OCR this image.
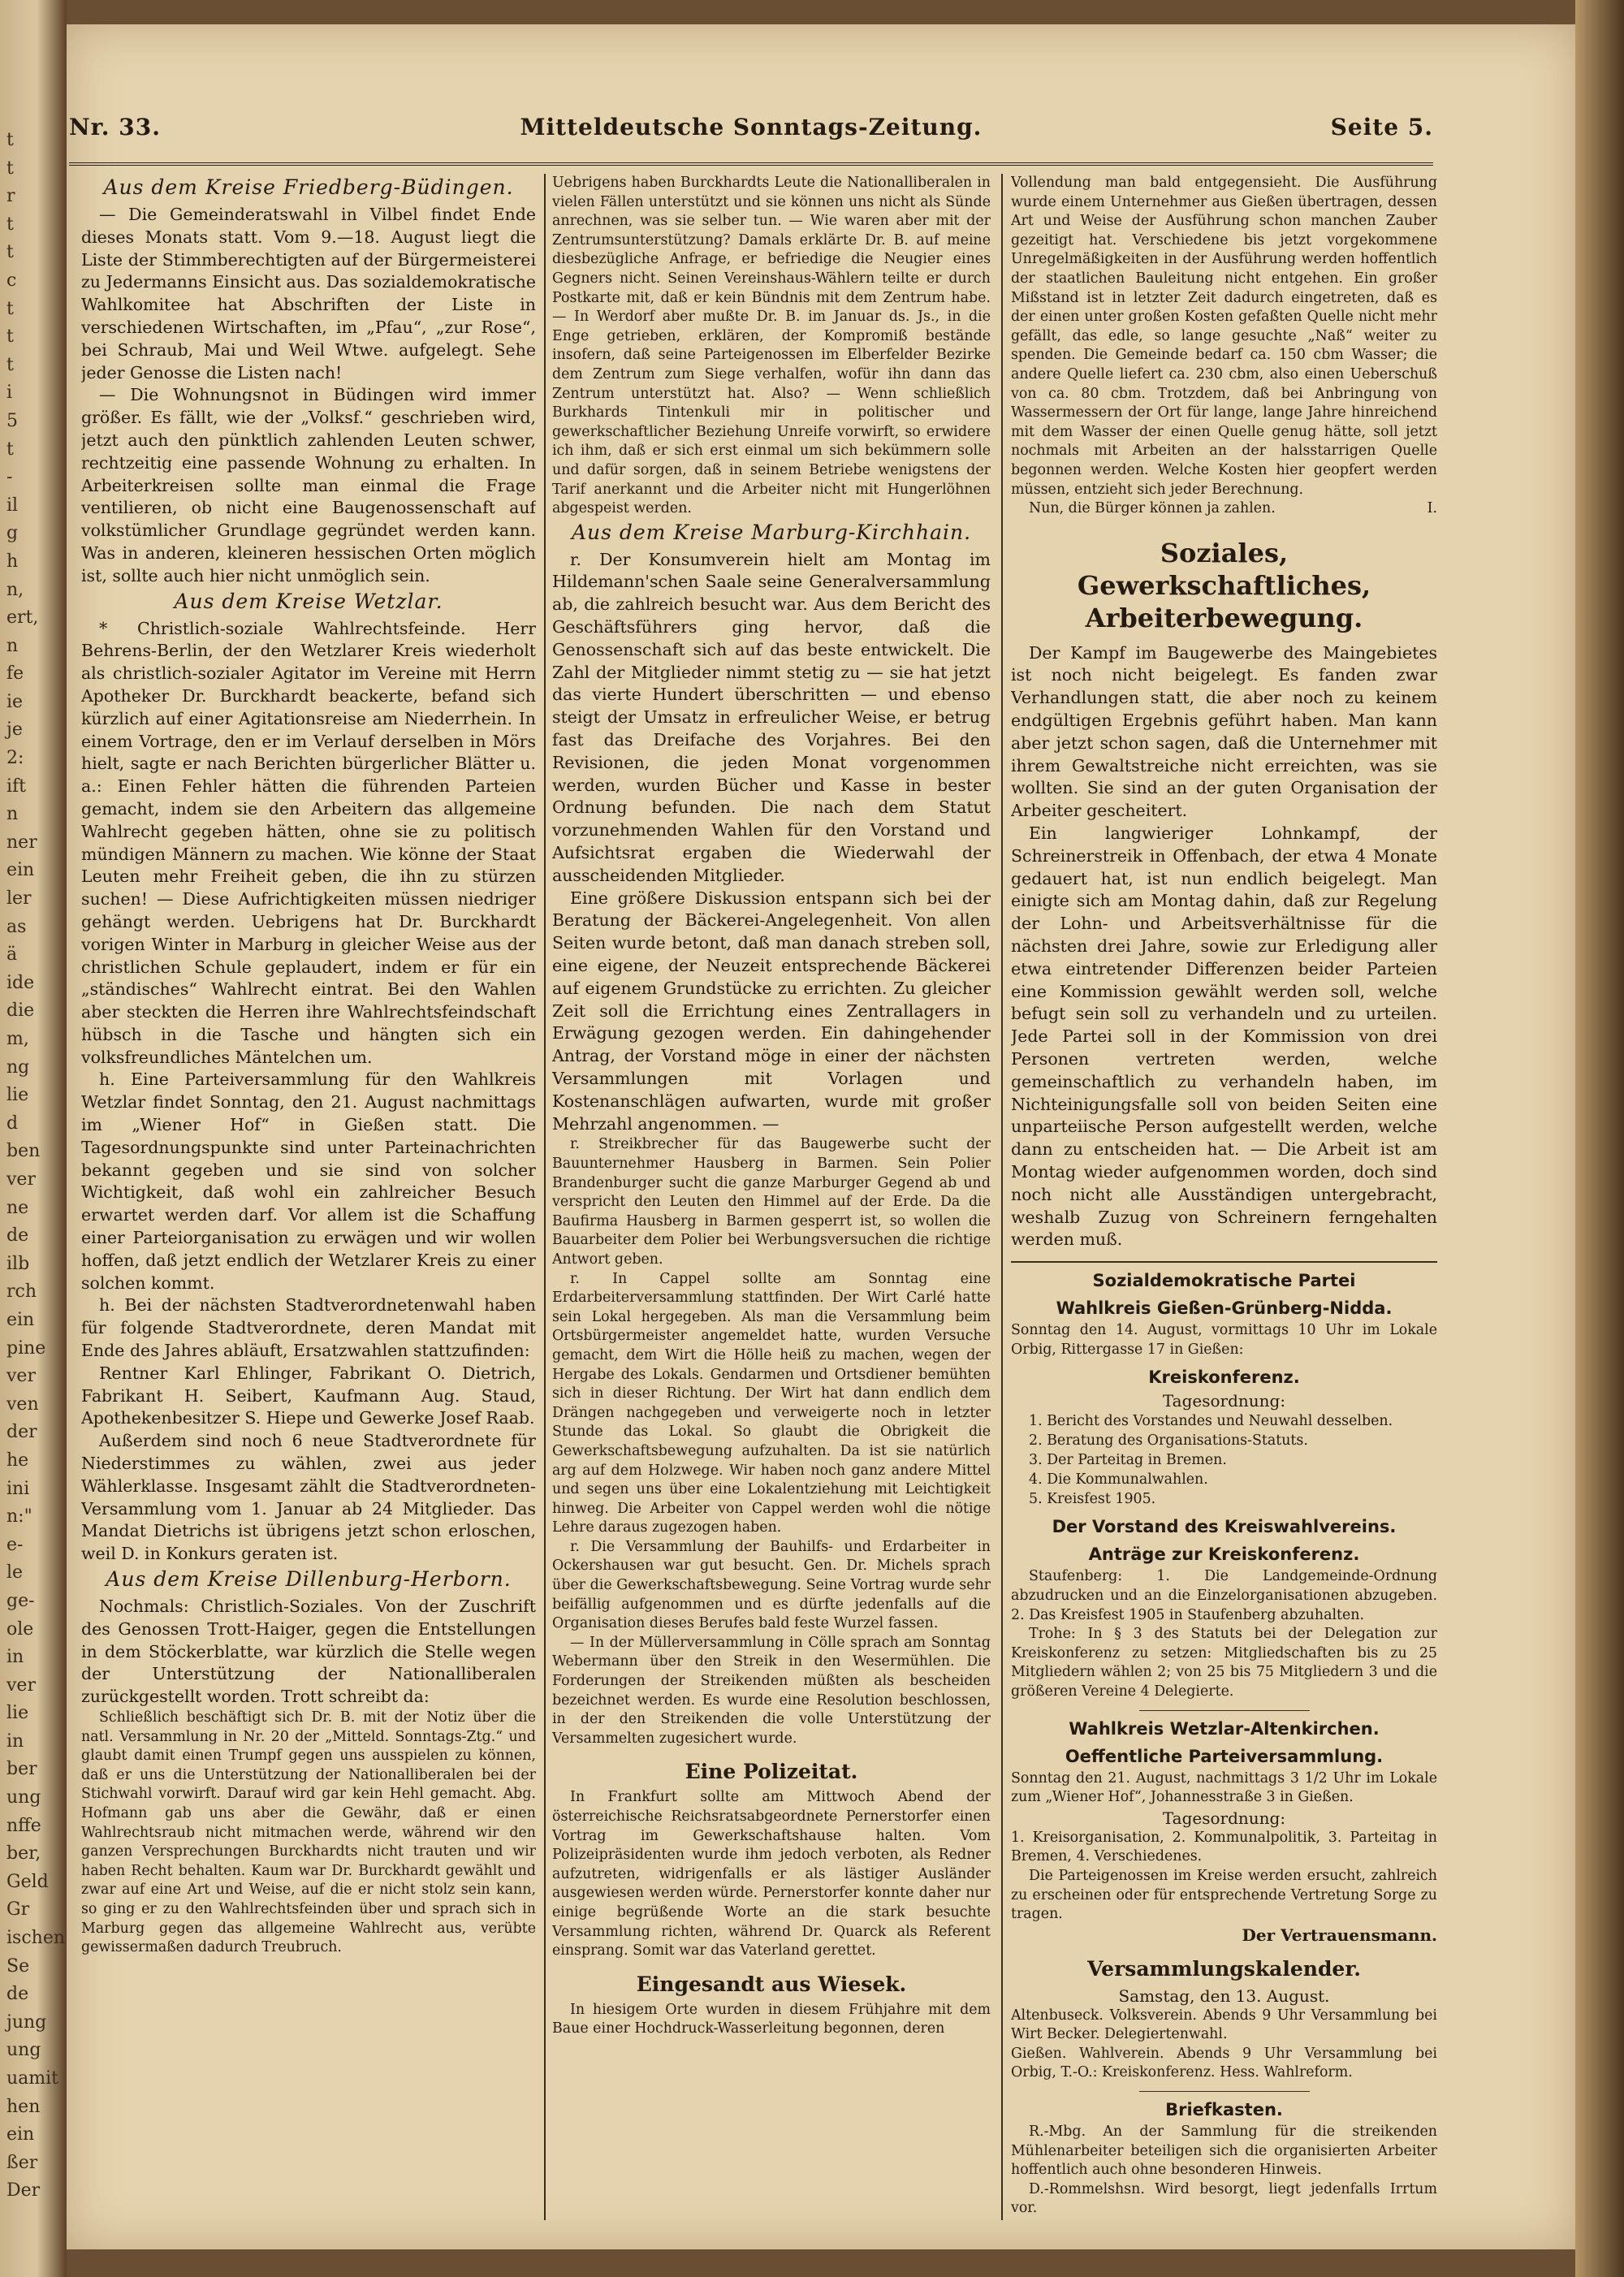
t
t
r
t
t
c
t
t
t
i
5
t
-
il
g
h
n,
ert,
n
fe
ie
je
2:
ift
n
ner
ein
ler
as
ä
ide
die
m,
ng
lie
d
ben
ver
ne
de
ilb
rch
ein
pine
ver
ven
der
he
ini
n:"
e-
le
ge-
ole
in
ver
lie
in
ber
ung
nffe
ber,
Geld
Gr
ischen
Se
de
jung
ung
uamit
hen
ein
ßer
Der
Nr. 33.	Mitteldeutsche Sonntags-Zeitung.	Seite 5.
Aus dem Kreise Friedberg-Büdingen.

— Die Gemeinderatswahl in Vilbel findet Ende dieses Monats statt. Vom 9.—18. August liegt die Liste der Stimmberechtigten auf der Bürgermeisterei zu Jedermanns Einsicht aus. Das sozialdemokratische Wahlkomitee hat Abschriften der Liste in verschiedenen Wirtschaften, im „Pfau“, „zur Rose“, bei Schraub, Mai und Weil Wtwe. aufgelegt. Sehe jeder Genosse die Listen nach!

— Die Wohnungsnot in Büdingen wird immer größer. Es fällt, wie der „Volksf.“ geschrieben wird, jetzt auch den pünktlich zahlenden Leuten schwer, rechtzeitig eine passende Wohnung zu erhalten. In Arbeiterkreisen sollte man einmal die Frage ventilieren, ob nicht eine Baugenossenschaft auf volkstümlicher Grundlage gegründet werden kann. Was in anderen, kleineren hessischen Orten möglich ist, sollte auch hier nicht unmöglich sein.

Aus dem Kreise Wetzlar.

* Christlich-soziale Wahlrechtsfeinde. Herr Behrens-Berlin, der den Wetzlarer Kreis wiederholt als christlich-sozialer Agitator im Vereine mit Herrn Apotheker Dr. Burckhardt beackerte, befand sich kürzlich auf einer Agitationsreise am Niederrhein. In einem Vortrage, den er im Verlauf derselben in Mörs hielt, sagte er nach Berichten bürgerlicher Blätter u. a.: Einen Fehler hätten die führenden Parteien gemacht, indem sie den Arbeitern das allgemeine Wahlrecht gegeben hätten, ohne sie zu politisch mündigen Männern zu machen. Wie könne der Staat Leuten mehr Freiheit geben, die ihn zu stürzen suchen! — Diese Aufrichtigkeiten müssen niedriger gehängt werden. Uebrigens hat Dr. Burckhardt vorigen Winter in Marburg in gleicher Weise aus der christlichen Schule geplaudert, indem er für ein „ständisches“ Wahlrecht eintrat. Bei den Wahlen aber steckten die Herren ihre Wahlrechtsfeindschaft hübsch in die Tasche und hängten sich ein volksfreundliches Mäntelchen um.

h. Eine Parteiversammlung für den Wahlkreis Wetzlar findet Sonntag, den 21. August nachmittags im „Wiener Hof“ in Gießen statt. Die Tagesordnungspunkte sind unter Parteinachrichten bekannt gegeben und sie sind von solcher Wichtigkeit, daß wohl ein zahlreicher Besuch erwartet werden darf. Vor allem ist die Schaffung einer Parteiorganisation zu erwägen und wir wollen hoffen, daß jetzt endlich der Wetzlarer Kreis zu einer solchen kommt.

h. Bei der nächsten Stadtverordnetenwahl haben für folgende Stadtverordnete, deren Mandat mit Ende des Jahres abläuft, Ersatzwahlen stattzufinden:

Rentner Karl Ehlinger, Fabrikant O. Dietrich, Fabrikant H. Seibert, Kaufmann Aug. Staud, Apothekenbesitzer S. Hiepe und Gewerke Josef Raab.

Außerdem sind noch 6 neue Stadtverordnete für Niederstimmes zu wählen, zwei aus jeder Wählerklasse. Insgesamt zählt die Stadtverordneten-Versammlung vom 1. Januar ab 24 Mitglieder. Das Mandat Dietrichs ist übrigens jetzt schon erloschen, weil D. in Konkurs geraten ist.

Aus dem Kreise Dillenburg-Herborn.

Nochmals: Christlich-Soziales. Von der Zuschrift des Genossen Trott-Haiger, gegen die Entstellungen in dem Stöckerblatte, war kürzlich die Stelle wegen der Unterstützung der Nationalliberalen zurückgestellt worden. Trott schreibt da:

Schließlich beschäftigt sich Dr. B. mit der Notiz über die natl. Versammlung in Nr. 20 der „Mitteld. Sonntags-Ztg.“ und glaubt damit einen Trumpf gegen uns ausspielen zu können, daß er uns die Unterstützung der Nationalliberalen bei der Stichwahl vorwirft. Darauf wird gar kein Hehl gemacht. Abg. Hofmann gab uns aber die Gewähr, daß er einen Wahlrechtsraub nicht mitmachen werde, während wir den ganzen Versprechungen Burckhardts nicht trauten und wir haben Recht behalten. Kaum war Dr. Burckhardt gewählt und zwar auf eine Art und Weise, auf die er nicht stolz sein kann, so ging er zu den Wahlrechtsfeinden über und sprach sich in Marburg gegen das allgemeine Wahlrecht aus, verübte gewissermaßen dadurch Treubruch.

Uebrigens haben Burckhardts Leute die Nationalliberalen in vielen Fällen unterstützt und sie können uns nicht als Sünde anrechnen, was sie selber tun. — Wie waren aber mit der Zentrumsunterstützung? Damals erklärte Dr. B. auf meine diesbezügliche Anfrage, er befriedige die Neugier eines Gegners nicht. Seinen Vereinshaus-Wählern teilte er durch Postkarte mit, daß er kein Bündnis mit dem Zentrum habe. — In Werdorf aber mußte Dr. B. im Januar ds. Js., in die Enge getrieben, erklären, der Kompromiß bestände insofern, daß seine Parteigenossen im Elberfelder Bezirke dem Zentrum zum Siege verhalfen, wofür ihn dann das Zentrum unterstützt hat. Also? — Wenn schließlich Burkhards Tintenkuli mir in politischer und gewerkschaftlicher Beziehung Unreife vorwirft, so erwidere ich ihm, daß er sich erst einmal um sich bekümmern solle und dafür sorgen, daß in seinem Betriebe wenigstens der Tarif anerkannt und die Arbeiter nicht mit Hungerlöhnen abgespeist werden.

Aus dem Kreise Marburg-Kirchhain.

r. Der Konsumverein hielt am Montag im Hildemann'schen Saale seine Generalversammlung ab, die zahlreich besucht war. Aus dem Bericht des Geschäftsführers ging hervor, daß die Genossenschaft sich auf das beste entwickelt. Die Zahl der Mitglieder nimmt stetig zu — sie hat jetzt das vierte Hundert überschritten — und ebenso steigt der Umsatz in erfreulicher Weise, er betrug fast das Dreifache des Vorjahres. Bei den Revisionen, die jeden Monat vorgenommen werden, wurden Bücher und Kasse in bester Ordnung befunden. Die nach dem Statut vorzunehmenden Wahlen für den Vorstand und Aufsichtsrat ergaben die Wiederwahl der ausscheidenden Mitglieder.

Eine größere Diskussion entspann sich bei der Beratung der Bäckerei-Angelegenheit. Von allen Seiten wurde betont, daß man danach streben soll, eine eigene, der Neuzeit entsprechende Bäckerei auf eigenem Grundstücke zu errichten. Zu gleicher Zeit soll die Errichtung eines Zentrallagers in Erwägung gezogen werden. Ein dahingehender Antrag, der Vorstand möge in einer der nächsten Versammlungen mit Vorlagen und Kostenanschlägen aufwarten, wurde mit großer Mehrzahl angenommen. —

r. Streikbrecher für das Baugewerbe sucht der Bauunternehmer Hausberg in Barmen. Sein Polier Brandenburger sucht die ganze Marburger Gegend ab und verspricht den Leuten den Himmel auf der Erde. Da die Baufirma Hausberg in Barmen gesperrt ist, so wollen die Bauarbeiter dem Polier bei Werbungsversuchen die richtige Antwort geben.

r. In Cappel sollte am Sonntag eine Erdarbeiterversammlung stattfinden. Der Wirt Carlé hatte sein Lokal hergegeben. Als man die Versammlung beim Ortsbürgermeister angemeldet hatte, wurden Versuche gemacht, dem Wirt die Hölle heiß zu machen, wegen der Hergabe des Lokals. Gendarmen und Ortsdiener bemühten sich in dieser Richtung. Der Wirt hat dann endlich dem Drängen nachgegeben und verweigerte noch in letzter Stunde das Lokal. So glaubt die Obrigkeit die Gewerkschaftsbewegung aufzuhalten. Da ist sie natürlich arg auf dem Holzwege. Wir haben noch ganz andere Mittel und segen uns über eine Lokalentziehung mit Leichtigkeit hinweg. Die Arbeiter von Cappel werden wohl die nötige Lehre daraus zugezogen haben.

r. Die Versammlung der Bauhilfs- und Erdarbeiter in Ockershausen war gut besucht. Gen. Dr. Michels sprach über die Gewerkschaftsbewegung. Seine Vortrag wurde sehr beifällig aufgenommen und es dürfte jedenfalls auf die Organisation dieses Berufes bald feste Wurzel fassen.

— In der Müllerversammlung in Cölle sprach am Sonntag Webermann über den Streik in den Wesermühlen. Die Forderungen der Streikenden müßten als bescheiden bezeichnet werden. Es wurde eine Resolution beschlossen, in der den Streikenden die volle Unterstützung der Versammelten zugesichert wurde.

Eine Polizeitat.

In Frankfurt sollte am Mittwoch Abend der österreichische Reichsratsabgeordnete Pernerstorfer einen Vortrag im Gewerkschaftshause halten. Vom Polizeipräsidenten wurde ihm jedoch verboten, als Redner aufzutreten, widrigenfalls er als lästiger Ausländer ausgewiesen werden würde. Pernerstorfer konnte daher nur einige begrüßende Worte an die stark besuchte Versammlung richten, während Dr. Quarck als Referent einsprang. Somit war das Vaterland gerettet.

Eingesandt aus Wiesek.

In hiesigem Orte wurden in diesem Frühjahre mit dem Baue einer Hochdruck-Wasserleitung begonnen, deren

Vollendung man bald entgegensieht. Die Ausführung wurde einem Unternehmer aus Gießen übertragen, dessen Art und Weise der Ausführung schon manchen Zauber gezeitigt hat. Verschiedene bis jetzt vorgekommene Unregelmäßigkeiten in der Ausführung werden hoffentlich der staatlichen Bauleitung nicht entgehen. Ein großer Mißstand ist in letzter Zeit dadurch eingetreten, daß es der einen unter großen Kosten gefaßten Quelle nicht mehr gefällt, das edle, so lange gesuchte „Naß“ weiter zu spenden. Die Gemeinde bedarf ca. 150 cbm Wasser; die andere Quelle liefert ca. 230 cbm, also einen Ueberschuß von ca. 80 cbm. Trotzdem, daß bei Anbringung von Wassermessern der Ort für lange, lange Jahre hinreichend mit dem Wasser der einen Quelle genug hätte, soll jetzt nochmals mit Arbeiten an der halsstarrigen Quelle begonnen werden. Welche Kosten hier geopfert werden müssen, entzieht sich jeder Berechnung.

Nun, die Bürger können ja zahlen.	I.

Soziales, Gewerkschaftliches, Arbeiterbewegung.

Der Kampf im Baugewerbe des Maingebietes ist noch nicht beigelegt. Es fanden zwar Verhandlungen statt, die aber noch zu keinem endgültigen Ergebnis geführt haben. Man kann aber jetzt schon sagen, daß die Unternehmer mit ihrem Gewaltstreiche nicht erreichten, was sie wollten. Sie sind an der guten Organisation der Arbeiter gescheitert.

Ein langwieriger Lohnkampf, der Schreinerstreik in Offenbach, der etwa 4 Monate gedauert hat, ist nun endlich beigelegt. Man einigte sich am Montag dahin, daß zur Regelung der Lohn- und Arbeitsverhältnisse für die nächsten drei Jahre, sowie zur Erledigung aller etwa eintretender Differenzen beider Parteien eine Kommission gewählt werden soll, welche befugt sein soll zu verhandeln und zu urteilen. Jede Partei soll in der Kommission von drei Personen vertreten werden, welche gemeinschaftlich zu verhandeln haben, im Nichteinigungsfalle soll von beiden Seiten eine unparteiische Person aufgestellt werden, welche dann zu entscheiden hat. — Die Arbeit ist am Montag wieder aufgenommen worden, doch sind noch nicht alle Ausständigen untergebracht, weshalb Zuzug von Schreinern ferngehalten werden muß.

Sozialdemokratische Partei
Wahlkreis Gießen-Grünberg-Nidda.

Sonntag den 14. August, vormittags 10 Uhr im Lokale Orbig, Rittergasse 17 in Gießen:

Kreiskonferenz.

Tagesordnung:

1. Bericht des Vorstandes und Neuwahl desselben.
2. Beratung des Organisations-Statuts.
3. Der Parteitag in Bremen.
4. Die Kommunalwahlen.
5. Kreisfest 1905.
Der Vorstand des Kreiswahlvereins.
Anträge zur Kreiskonferenz.

Staufenberg: 1. Die Landgemeinde-Ordnung abzudrucken und an die Einzelorganisationen abzugeben. 2. Das Kreisfest 1905 in Staufenberg abzuhalten.

Trohe: In § 3 des Statuts bei der Delegation zur Kreiskonferenz zu setzen: Mitgliedschaften bis zu 25 Mitgliedern wählen 2; von 25 bis 75 Mitgliedern 3 und die größeren Vereine 4 Delegierte.

Wahlkreis Wetzlar-Altenkirchen.
Oeffentliche Parteiversammlung.

Sonntag den 21. August, nachmittags 3 1/2 Uhr im Lokale zum „Wiener Hof“, Johannesstraße 3 in Gießen.

Tagesordnung:

1. Kreisorganisation, 2. Kommunalpolitik, 3. Parteitag in Bremen, 4. Verschiedenes.

Die Parteigenossen im Kreise werden ersucht, zahlreich zu erscheinen oder für entsprechende Vertretung Sorge zu tragen.

Der Vertrauensmann.

Versammlungskalender.

Samstag, den 13. August.

Altenbuseck. Volksverein. Abends 9 Uhr Versammlung bei Wirt Becker. Delegiertenwahl.

Gießen. Wahlverein. Abends 9 Uhr Versammlung bei Orbig, T.-O.: Kreiskonferenz. Hess. Wahlreform.

Briefkasten.

R.-Mbg. An der Sammlung für die streikenden Mühlenarbeiter beteiligen sich die organisierten Arbeiter hoffentlich auch ohne besonderen Hinweis.

D.-Rommelshsn. Wird besorgt, liegt jedenfalls Irrtum vor.
